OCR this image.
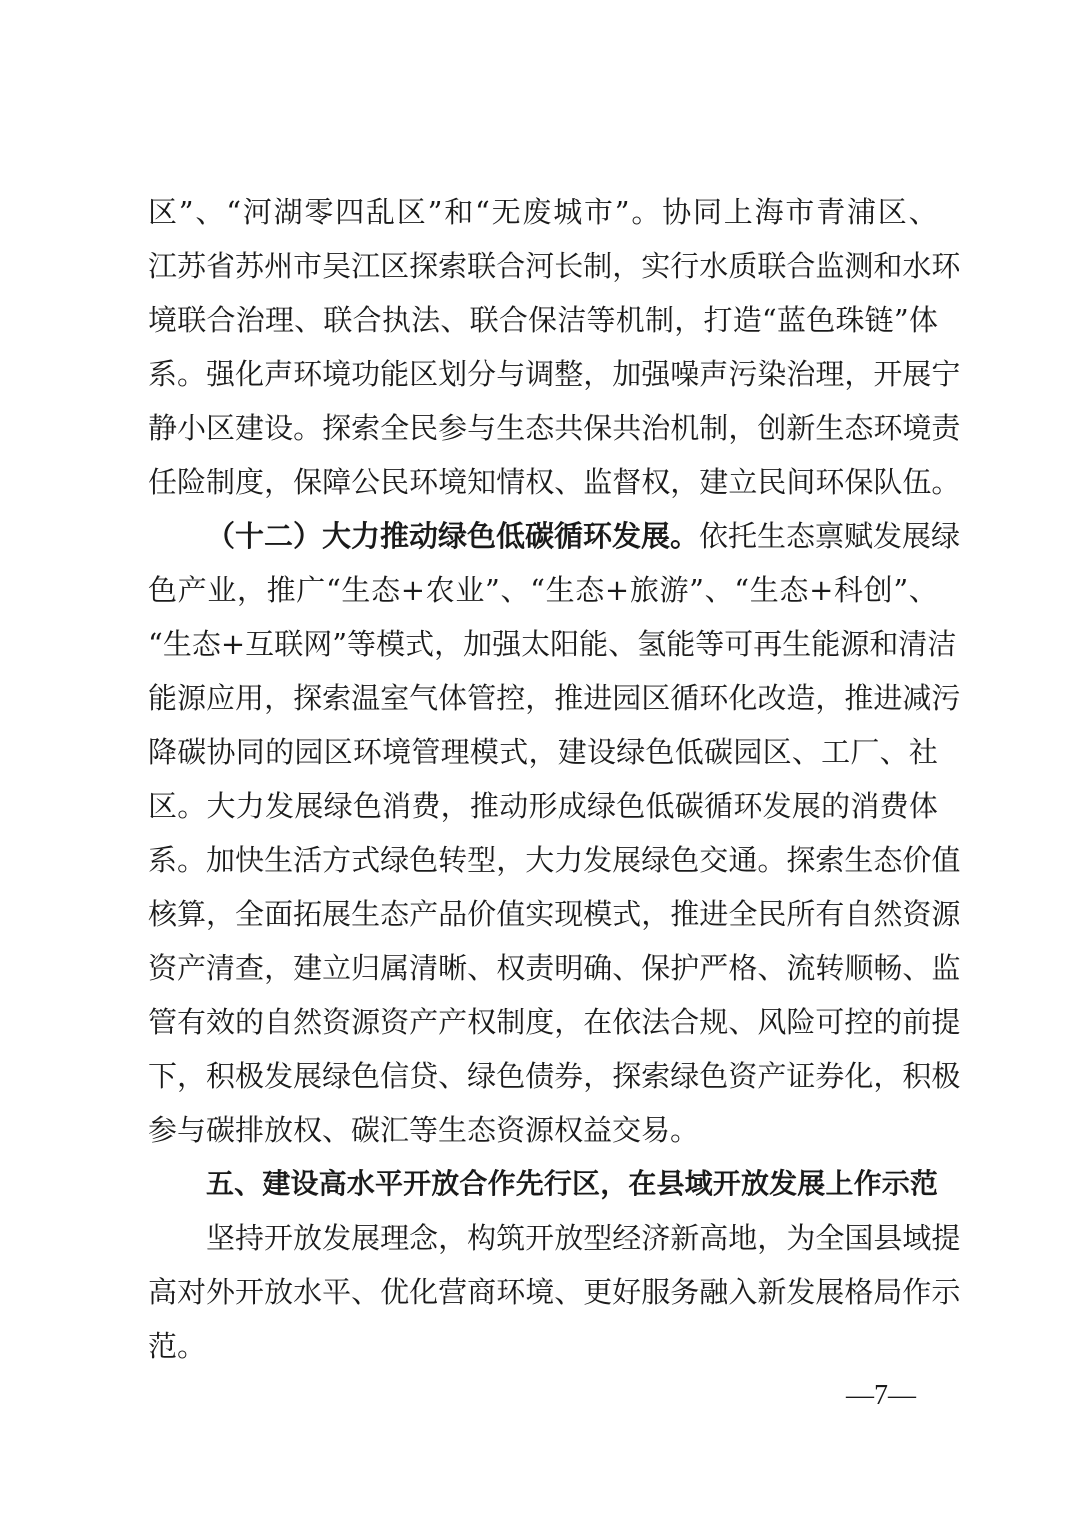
区 ” 、 “ 河 湖 零 四 乱 区 ” 和 “ 无 废 城 市 ” 。 协 同 上 海 市 青 浦 区 、
江 苏 省 苏 州 市 吴 江 区 探 索 联 合 河 长 制 ， 实 行 水 质 联 合 监 测 和 水 环
境 联 合 治 理 、 联 合 执 法 、 联 合 保 洁 等 机 制 ， 打 造 “ 蓝 色 珠 链 ” 体
系 。 强 化 声 环 境 功 能 区 划 分 与 调 整 ， 加 强 噪 声 污 染 治 理 ， 开 展 宁
静 小 区 建 设 。 探 索 全 民 参 与 生 态 共 保 共 治 机 制 ， 创 新 生 态 环 境 责
任 险 制 度 ， 保 障 公 民 环 境 知 情 权 、 监 督 权 ， 建 立 民 间 环 保 队 伍 。
（十二）大力推动绿色低碳循环发展。 依托生态禀赋发展绿
色 产 业 ， 推 广 “ 生 态 + 农 业 ” 、 “ 生 态 + 旅 游 ” 、 “ 生 态 + 科 创 ” 、
“ 生 态 + 互 联 网 ” 等 模 式 ， 加 强 太 阳 能 、 氢 能 等 可 再 生 能 源 和 清 洁
能 源 应 用 ， 探 索 温 室 气 体 管 控 ， 推 进 园 区 循 环 化 改 造 ， 推 进 减 污
降 碳 协 同 的 园 区 环 境 管 理 模 式 ， 建 设 绿 色 低 碳 园 区 、 工 厂 、 社
区 。 大 力 发 展 绿 色 消 费 ， 推 动 形 成 绿 色 低 碳 循 环 发 展 的 消 费 体
系 。 加 快 生 活 方 式 绿 色 转 型 ， 大 力 发 展 绿 色 交 通 。 探 索 生 态 价 值
核 算 ， 全 面 拓 展 生 态 产 品 价 值 实 现 模 式 ， 推 进 全 民 所 有 自 然 资 源
资 产 清 查 ， 建 立 归 属 清 晰 、 权 责 明 确 、 保 护 严 格 、 流 转 顺 畅 、 监
管 有 效 的 自 然 资 源 资 产 产 权 制 度 ， 在 依 法 合 规 、 风 险 可 控 的 前 提
下 ， 积 极 发 展 绿 色 信 贷 、 绿 色 债 券 ， 探 索 绿 色 资 产 证 券 化 ， 积 极
参与碳排放权、碳汇等生态资源权益交易。
五 、 建 设 高 水 平 开 放 合 作 先 行 区 ， 在 县 域 开 放 发 展 上 作 示 范
坚 持 开 放 发 展 理 念 ， 构 筑 开 放 型 经 济 新 高 地 ， 为 全 国 县 域 提
高 对 外 开 放 水 平 、 优 化 营 商 环 境 、 更 好 服 务 融 入 新 发 展 格 局 作 示
范。
—7—
